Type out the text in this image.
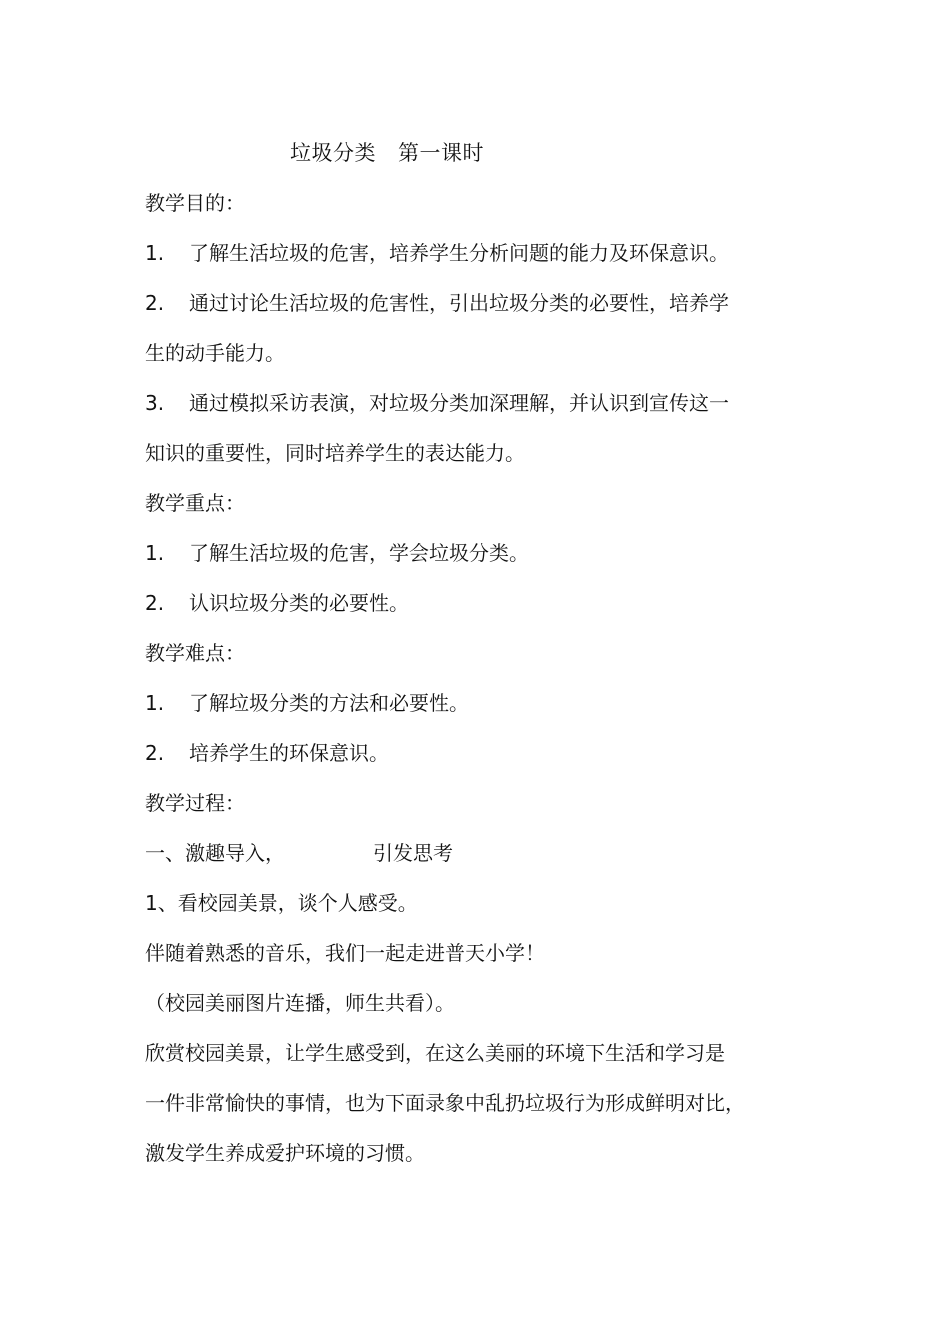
垃圾分类 第一课时
教学目的：
1. 了解生活垃圾的危害，培养学生分析问题的能力及环保意识。
2. 通过讨论生活垃圾的危害性，引出垃圾分类的必要性，培养学
生的动手能力。
3. 通过模拟采访表演，对垃圾分类加深理解，并认识到宣传这一
知识的重要性，同时培养学生的表达能力。
教学重点：
1. 了解生活垃圾的危害，学会垃圾分类。
2. 认识垃圾分类的必要性。
教学难点：
1. 了解垃圾分类的方法和必要性。
2. 培养学生的环保意识。
教学过程：
一、激趣导入，	引发思考
1、看校园美景，谈个人感受。
伴随着熟悉的音乐，我们一起走进普天小学！
（校园美丽图片连播，师生共看）。
欣赏校园美景，让学生感受到，在这么美丽的环境下生活和学习是
一件非常愉快的事情，也为下面录象中乱扔垃圾行为形成鲜明对比，
激发学生养成爱护环境的习惯。
